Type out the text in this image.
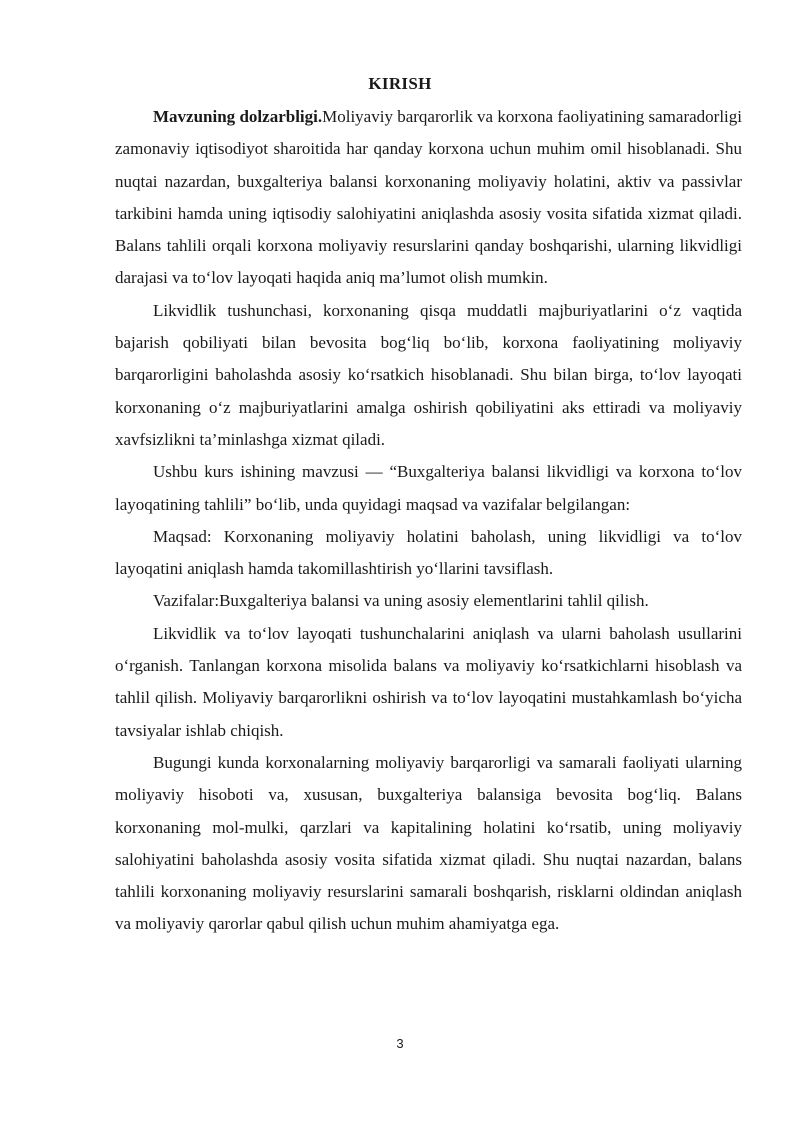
KIRISH

Mavzuning dolzarbligi.Moliyaviy barqarorlik va korxona faoliyatining samaradorligi zamonaviy iqtisodiyot sharoitida har qanday korxona uchun muhim omil hisoblanadi. Shu nuqtai nazardan, buxgalteriya balansi korxonaning moliyaviy holatini, aktiv va passivlar tarkibini hamda uning iqtisodiy salohiyatini aniqlashda asosiy vosita sifatida xizmat qiladi. Balans tahlili orqali korxona moliyaviy resurslarini qanday boshqarishi, ularning likvidligi darajasi va to‘lov layoqati haqida aniq ma’lumot olish mumkin.

Likvidlik tushunchasi, korxonaning qisqa muddatli majburiyatlarini o‘z vaqtida bajarish qobiliyati bilan bevosita bog‘liq bo‘lib, korxona faoliyatining moliyaviy barqarorligini baholashda asosiy ko‘rsatkich hisoblanadi. Shu bilan birga, to‘lov layoqati korxonaning o‘z majburiyatlarini amalga oshirish qobiliyatini aks ettiradi va moliyaviy xavfsizlikni ta’minlashga xizmat qiladi.

Ushbu kurs ishining mavzusi — “Buxgalteriya balansi likvidligi va korxona to‘lov layoqatining tahlili” bo‘lib, unda quyidagi maqsad va vazifalar belgilangan:

Maqsad: Korxonaning moliyaviy holatini baholash, uning likvidligi va to‘lov layoqatini aniqlash hamda takomillashtirish yo‘llarini tavsiflash.

Vazifalar:Buxgalteriya balansi va uning asosiy elementlarini tahlil qilish.

Likvidlik va to‘lov layoqati tushunchalarini aniqlash va ularni baholash usullarini o‘rganish. Tanlangan korxona misolida balans va moliyaviy ko‘rsatkichlarni hisoblash va tahlil qilish. Moliyaviy barqarorlikni oshirish va to‘lov layoqatini mustahkamlash bo‘yicha tavsiyalar ishlab chiqish.

Bugungi kunda korxonalarning moliyaviy barqarorligi va samarali faoliyati ularning moliyaviy hisoboti va, xususan, buxgalteriya balansiga bevosita bog‘liq. Balans korxonaning mol-mulki, qarzlari va kapitalining holatini ko‘rsatib, uning moliyaviy salohiyatini baholashda asosiy vosita sifatida xizmat qiladi. Shu nuqtai nazardan, balans tahlili korxonaning moliyaviy resurslarini samarali boshqarish, risklarni oldindan aniqlash va moliyaviy qarorlar qabul qilish uchun muhim ahamiyatga ega.

3
